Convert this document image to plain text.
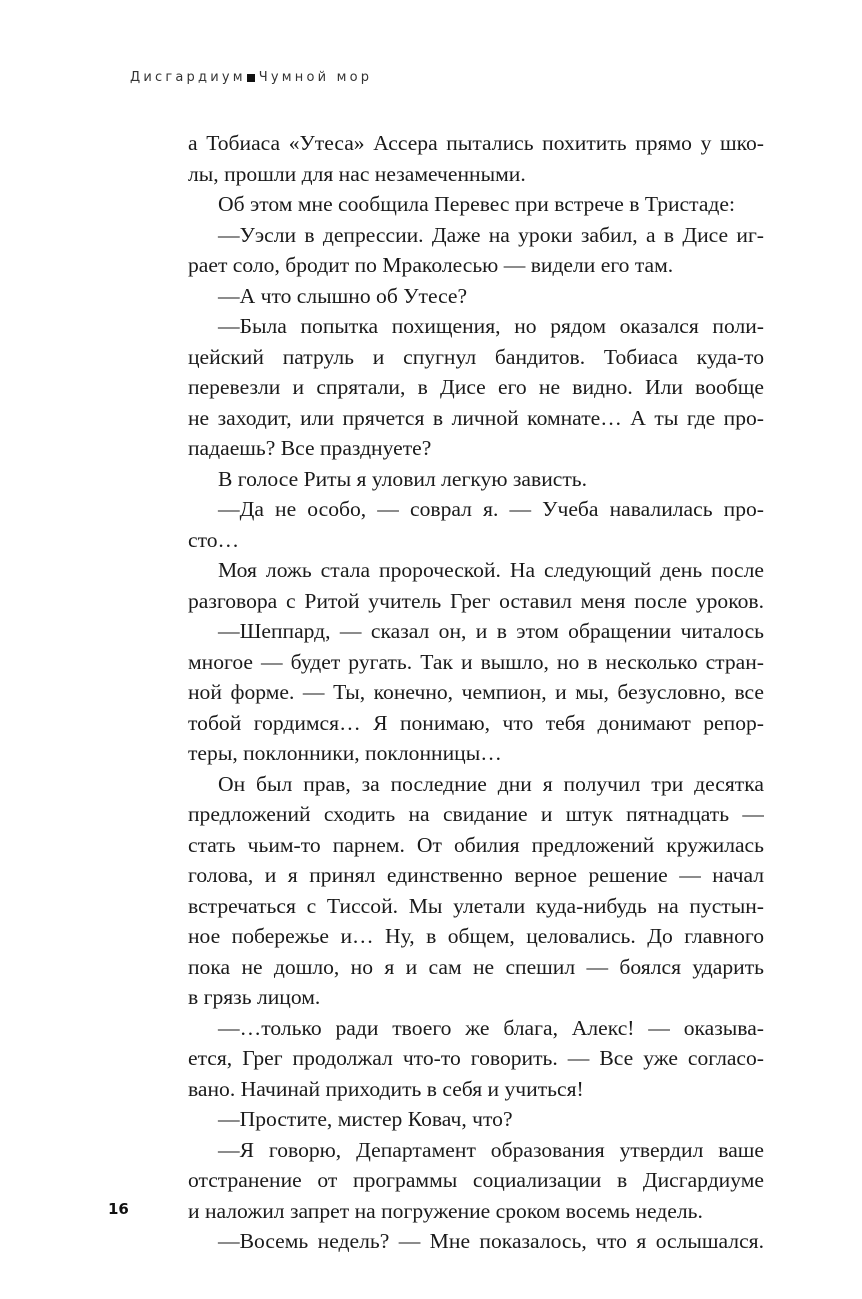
Дисгардиум Чумной мор
а Тобиаса «Утеса» Ассера пытались похитить прямо у шко-
лы, прошли для нас незамеченными.
Об этом мне сообщила Перевес при встрече в Тристаде:
—Уэсли в депрессии. Даже на уроки забил, а в Дисе иг-
рает соло, бродит по Мраколесью — видели его там.
—А что слышно об Утесе?
—Была попытка похищения, но рядом оказался поли-
цейский патруль и спугнул бандитов. Тобиаса куда-то
перевезли и спрятали, в Дисе его не видно. Или вообще
не заходит, или прячется в личной комнате… А ты где про-
падаешь? Все празднуете?
В голосе Риты я уловил легкую зависть.
—Да не особо, — соврал я. — Учеба навалилась про-
сто…
Моя ложь стала пророческой. На следующий день после
разговора с Ритой учитель Грег оставил меня после уроков.
—Шеппард, — сказал он, и в этом обращении читалось
многое — будет ругать. Так и вышло, но в несколько стран-
ной форме. — Ты, конечно, чемпион, и мы, безусловно, все
тобой гордимся… Я понимаю, что тебя донимают репор-
теры, поклонники, поклонницы…
Он был прав, за последние дни я получил три десятка
предложений сходить на свидание и штук пятнадцать —
стать чьим-то парнем. От обилия предложений кружилась
голова, и я принял единственно верное решение — начал
встречаться с Тиссой. Мы улетали куда-нибудь на пустын-
ное побережье и… Ну, в общем, целовались. До главного
пока не дошло, но я и сам не спешил — боялся ударить
в грязь лицом.
—…только ради твоего же блага, Алекс! — оказыва-
ется, Грег продолжал что-то говорить. — Все уже согласо-
вано. Начинай приходить в себя и учиться!
—Простите, мистер Ковач, что?
—Я говорю, Департамент образования утвердил ваше
отстранение от программы социализации в Дисгардиуме
и наложил запрет на погружение сроком восемь недель.
—Восемь недель? — Мне показалось, что я ослышался.
16
